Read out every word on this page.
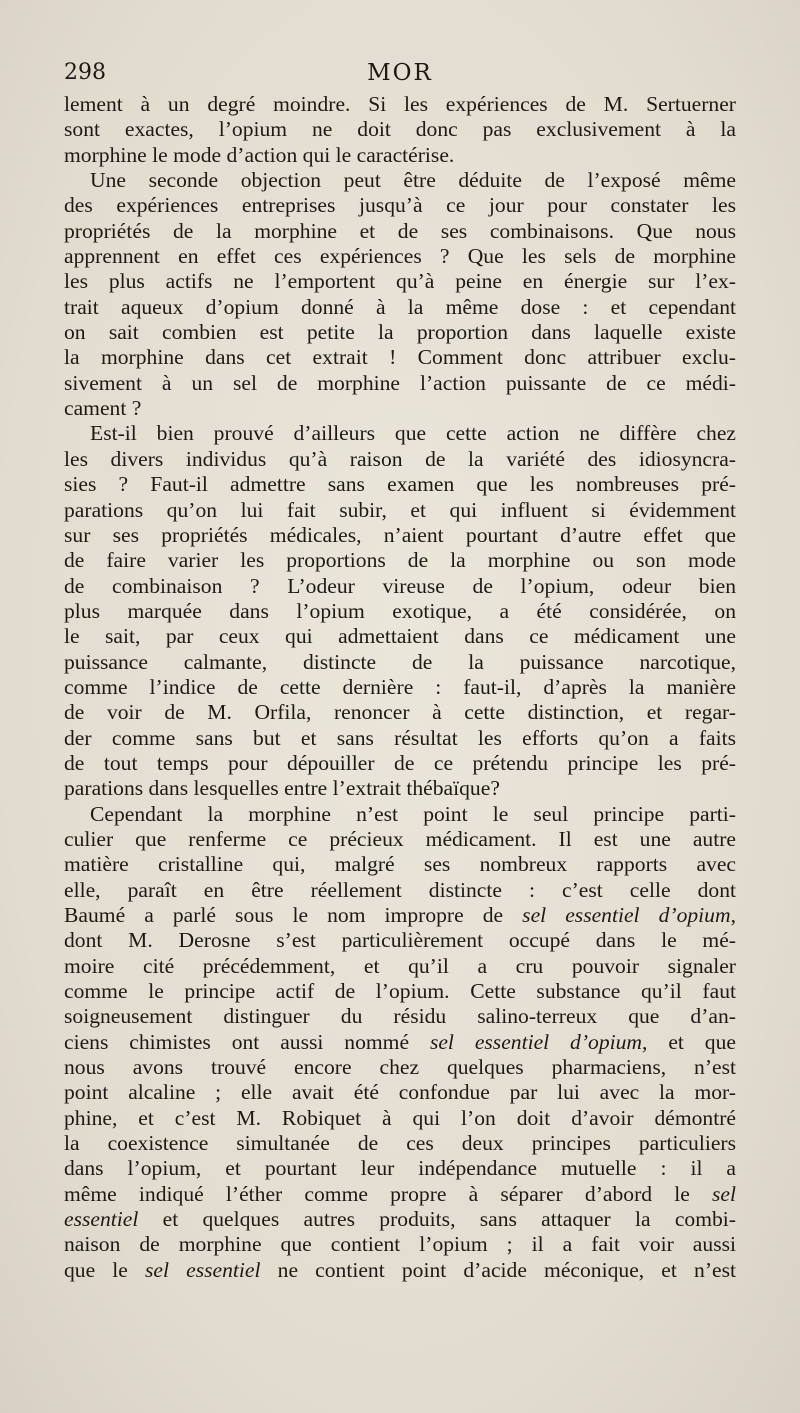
298	MOR
lement à un degré moindre. Si les expériences de M. Sertuerner
sont exactes, l’opium ne doit donc pas exclusivement à la
morphine le mode d’action qui le caractérise.
Une seconde objection peut être déduite de l’exposé même
des expériences entreprises jusqu’à ce jour pour constater les
propriétés de la morphine et de ses combinaisons. Que nous
apprennent en effet ces expériences ? Que les sels de morphine
les plus actifs ne l’emportent qu’à peine en énergie sur l’ex-
trait aqueux d’opium donné à la même dose : et cependant
on sait combien est petite la proportion dans laquelle existe
la morphine dans cet extrait ! Comment donc attribuer exclu-
sivement à un sel de morphine l’action puissante de ce médi-
cament ?
Est-il bien prouvé d’ailleurs que cette action ne diffère chez
les divers individus qu’à raison de la variété des idiosyncra-
sies ? Faut-il admettre sans examen que les nombreuses pré-
parations qu’on lui fait subir, et qui influent si évidemment
sur ses propriétés médicales, n’aient pourtant d’autre effet que
de faire varier les proportions de la morphine ou son mode
de combinaison ? L’odeur vireuse de l’opium, odeur bien
plus marquée dans l’opium exotique, a été considérée, on
le sait, par ceux qui admettaient dans ce médicament une
puissance calmante, distincte de la puissance narcotique,
comme l’indice de cette dernière : faut-il, d’après la manière
de voir de M. Orfila, renoncer à cette distinction, et regar-
der comme sans but et sans résultat les efforts qu’on a faits
de tout temps pour dépouiller de ce prétendu principe les pré-
parations dans lesquelles entre l’extrait thébaïque?
Cependant la morphine n’est point le seul principe parti-
culier que renferme ce précieux médicament. Il est une autre
matière cristalline qui, malgré ses nombreux rapports avec
elle, paraît en être réellement distincte : c’est celle dont
Baumé a parlé sous le nom impropre de sel essentiel d’opium,
dont M. Derosne s’est particulièrement occupé dans le mé-
moire cité précédemment, et qu’il a cru pouvoir signaler
comme le principe actif de l’opium. Cette substance qu’il faut
soigneusement distinguer du résidu salino-terreux que d’an-
ciens chimistes ont aussi nommé sel essentiel d’opium, et que
nous avons trouvé encore chez quelques pharmaciens, n’est
point alcaline ; elle avait été confondue par lui avec la mor-
phine, et c’est M. Robiquet à qui l’on doit d’avoir démontré
la coexistence simultanée de ces deux principes particuliers
dans l’opium, et pourtant leur indépendance mutuelle : il a
même indiqué l’éther comme propre à séparer d’abord le sel
essentiel et quelques autres produits, sans attaquer la combi-
naison de morphine que contient l’opium ; il a fait voir aussi
que le sel essentiel ne contient point d’acide méconique, et n’est
